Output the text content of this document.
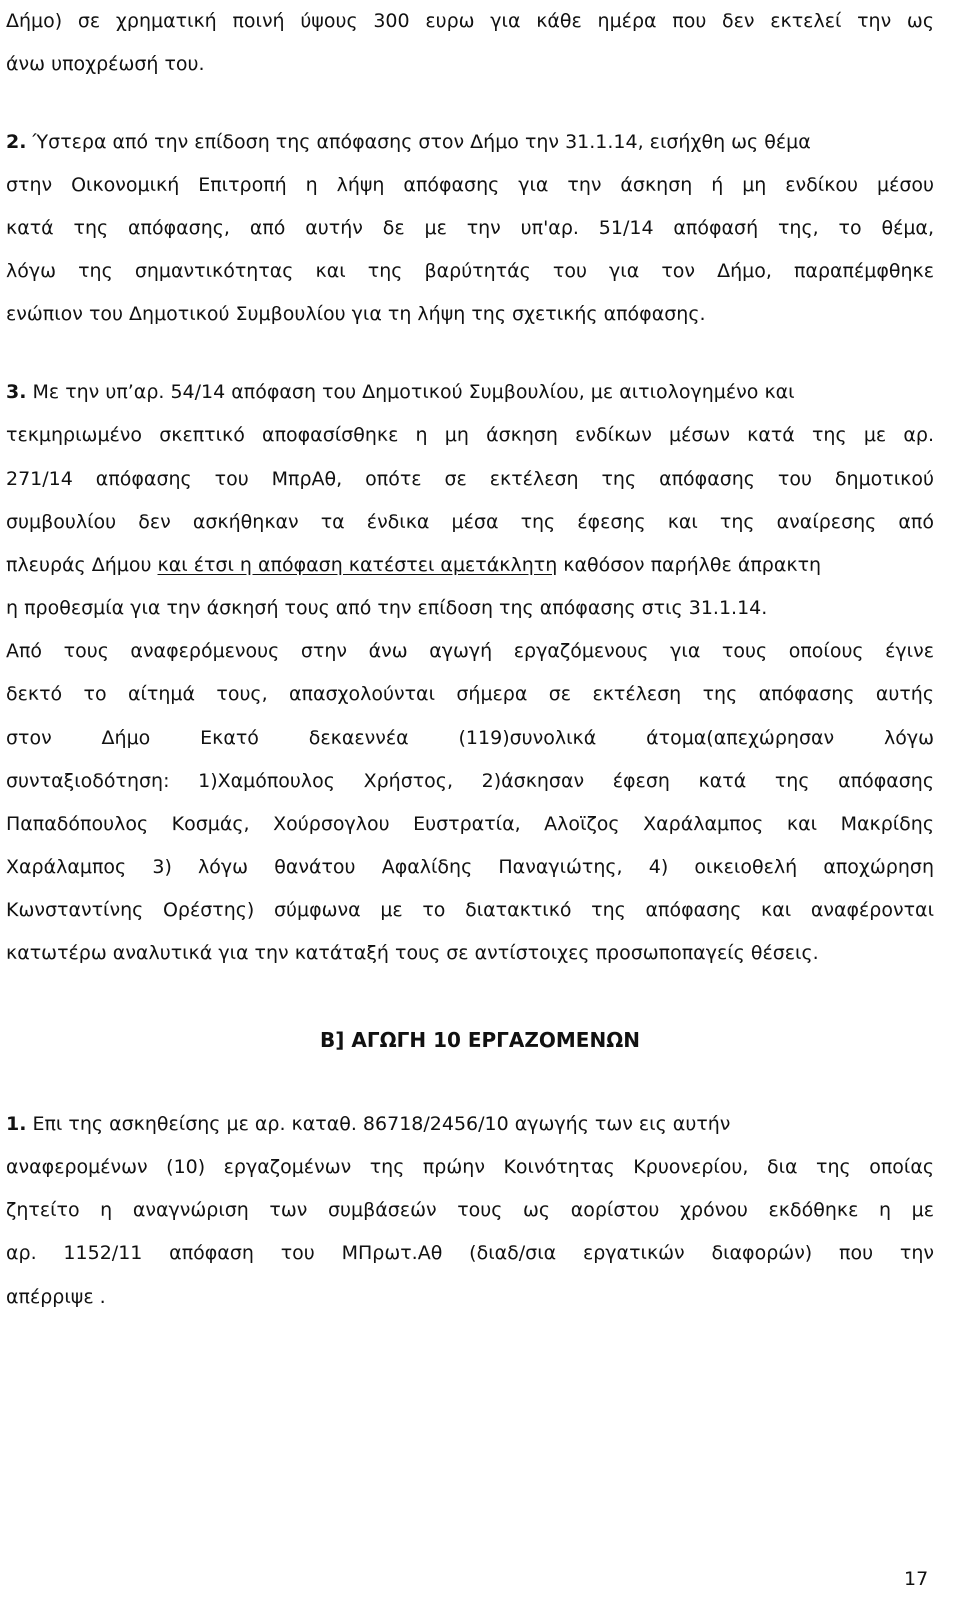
Δήμο) σε χρηματική ποινή ύψους 300 ευρω για κάθε ημέρα που δεν εκτελεί την ως
άνω υποχρέωσή του.
2. Ύστερα από την επίδοση της απόφασης στον Δήμο την 31.1.14, εισήχθη ως θέμα
στην Οικονομική Επιτροπή η λήψη απόφασης για την άσκηση ή μη ενδίκου μέσου
κατά της απόφασης, από αυτήν δε με την υπ'αρ. 51/14 απόφασή της, το θέμα,
λόγω της σημαντικότητας και της βαρύτητάς του για τον Δήμο, παραπέμφθηκε
ενώπιον του Δημοτικού Συμβουλίου για τη λήψη της σχετικής απόφασης.
3. Με την υπ’αρ. 54/14 απόφαση του Δημοτικού Συμβουλίου, με αιτιολογημένο και
τεκμηριωμένο σκεπτικό αποφασίσθηκε η μη άσκηση ενδίκων μέσων κατά της με αρ.
271/14 απόφασης του ΜπρΑθ, οπότε σε εκτέλεση της απόφασης του δημοτικού
συμβουλίου δεν ασκήθηκαν τα ένδικα μέσα της έφεσης και της αναίρεσης από
πλευράς Δήμου και έτσι η απόφαση κατέστει αμετάκλητη καθόσον παρήλθε άπρακτη
η προθεσμία για την άσκησή τους από την επίδοση της απόφασης στις 31.1.14.
Από τους αναφερόμενους στην άνω αγωγή εργαζόμενους για τους οποίους έγινε
δεκτό το αίτημά τους, απασχολούνται σήμερα σε εκτέλεση της απόφασης αυτής
στον Δήμο Εκατό δεκαεννέα (119)συνολικά άτομα(απεχώρησαν λόγω
συνταξιοδότηση: 1)Χαμόπουλος Χρήστος, 2)άσκησαν έφεση κατά της απόφασης
Παπαδόπουλος Κοσμάς, Χούρσογλου Ευστρατία, Αλοϊζος Χαράλαμπος και Μακρίδης
Χαράλαμπος 3) λόγω θανάτου Αφαλίδης Παναγιώτης, 4) οικειοθελή αποχώρηση
Κωνσταντίνης Ορέστης) σύμφωνα με το διατακτικό της απόφασης και αναφέρονται
κατωτέρω αναλυτικά για την κατάταξή τους σε αντίστοιχες προσωποπαγείς θέσεις.
Β] ΑΓΩΓΗ 10 ΕΡΓΑΖΟΜΕΝΩΝ
1. Επι της ασκηθείσης με αρ. καταθ. 86718/2456/10 αγωγής των εις αυτήν
αναφερομένων (10) εργαζομένων της πρώην Κοινότητας Κρυονερίου, δια της οποίας
ζητείτο η αναγνώριση των συμβάσεών τους ως αορίστου χρόνου εκδόθηκε η με
αρ. 1152/11 απόφαση του ΜΠρωτ.Αθ (διαδ/σια εργατικών διαφορών) που την
απέρριψε .
17
